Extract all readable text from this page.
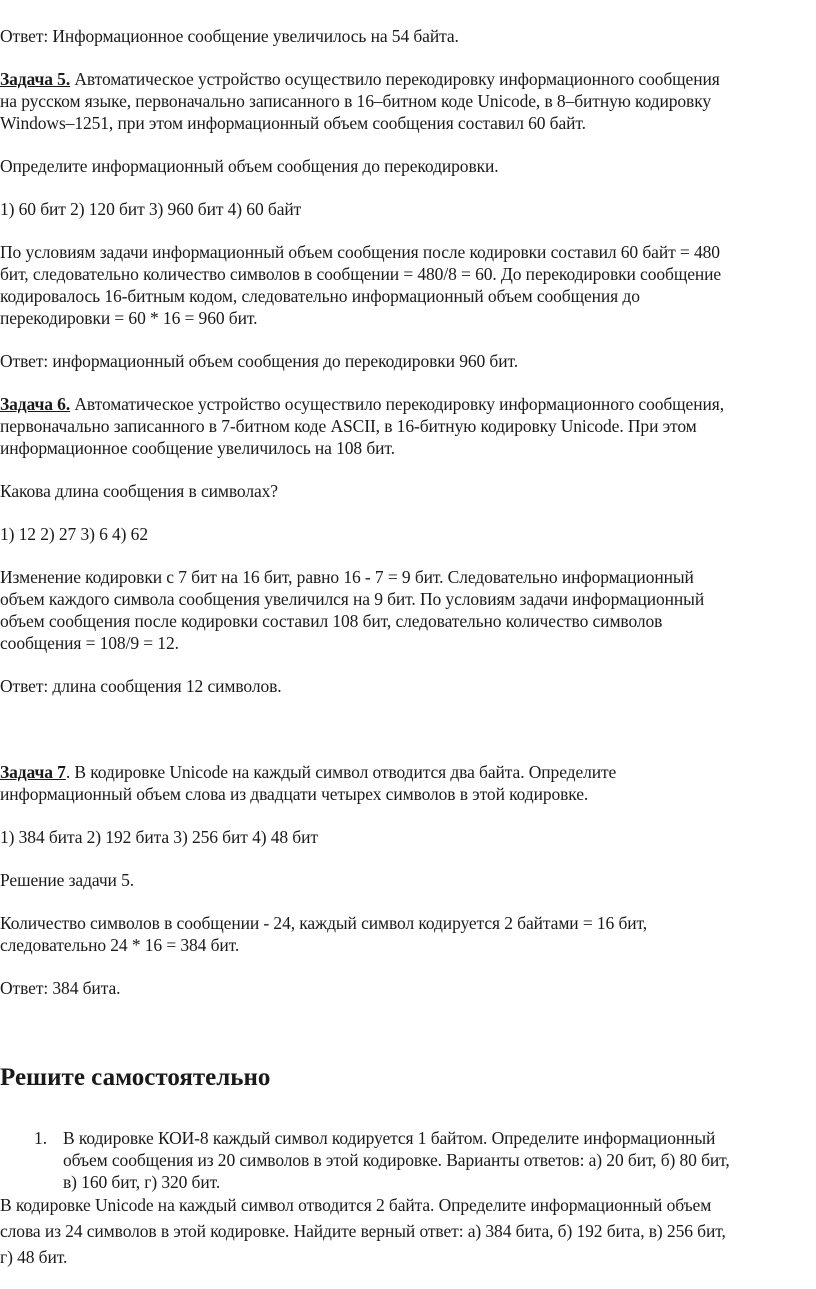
Ответ: Информационное сообщение увеличилось на 54 байта.
Задача 5. Автоматическое устройство осуществило перекодировку информационного сообщения
на русском языке, первоначально записанного в 16–битном коде Unicode, в 8–битную кодировку
Windows–1251, при этом информационный объем сообщения составил 60 байт.
Определите информационный объем сообщения до перекодировки.
1) 60 бит 2) 120 бит 3) 960 бит 4) 60 байт
По условиям задачи информационный объем сообщения после кодировки составил 60 байт = 480
бит, следовательно количество символов в сообщении = 480/8 = 60. До перекодировки сообщение
кодировалось 16-битным кодом, следовательно информационный объем сообщения до
перекодировки = 60 * 16 = 960 бит.
Ответ: информационный объем сообщения до перекодировки 960 бит.
Задача 6. Автоматическое устройство осуществило перекодировку информационного сообщения,
первоначально записанного в 7-битном коде ASCII, в 16-битную кодировку Unicode. При этом
информационное сообщение увеличилось на 108 бит.
Какова длина сообщения в символах?
1) 12 2) 27 3) 6 4) 62
Изменение кодировки с 7 бит на 16 бит, равно 16 - 7 = 9 бит. Следовательно информационный
объем каждого символа сообщения увеличился на 9 бит. По условиям задачи информационный
объем сообщения после кодировки составил 108 бит, следовательно количество символов
сообщения = 108/9 = 12.
Ответ: длина сообщения 12 символов.
Задача 7. В кодировке Unicode на каждый символ отводится два байта. Определите
информационный объем слова из двадцати четырех символов в этой кодировке.
1) 384 бита 2) 192 бита 3) 256 бит 4) 48 бит
Решение задачи 5.
Количество символов в сообщении - 24, каждый символ кодируется 2 байтами = 16 бит,
следовательно 24 * 16 = 384 бит.
Ответ: 384 бита.
Решите самостоятельно
1. В кодировке КОИ-8 каждый символ кодируется 1 байтом. Определите информационный
объем сообщения из 20 символов в этой кодировке. Варианты ответов: а) 20 бит, б) 80 бит,
в) 160 бит, г) 320 бит.
В кодировке Unicode на каждый символ отводится 2 байта. Определите информационный объем
слова из 24 символов в этой кодировке. Найдите верный ответ: а) 384 бита, б) 192 бита, в) 256 бит,
г) 48 бит.
